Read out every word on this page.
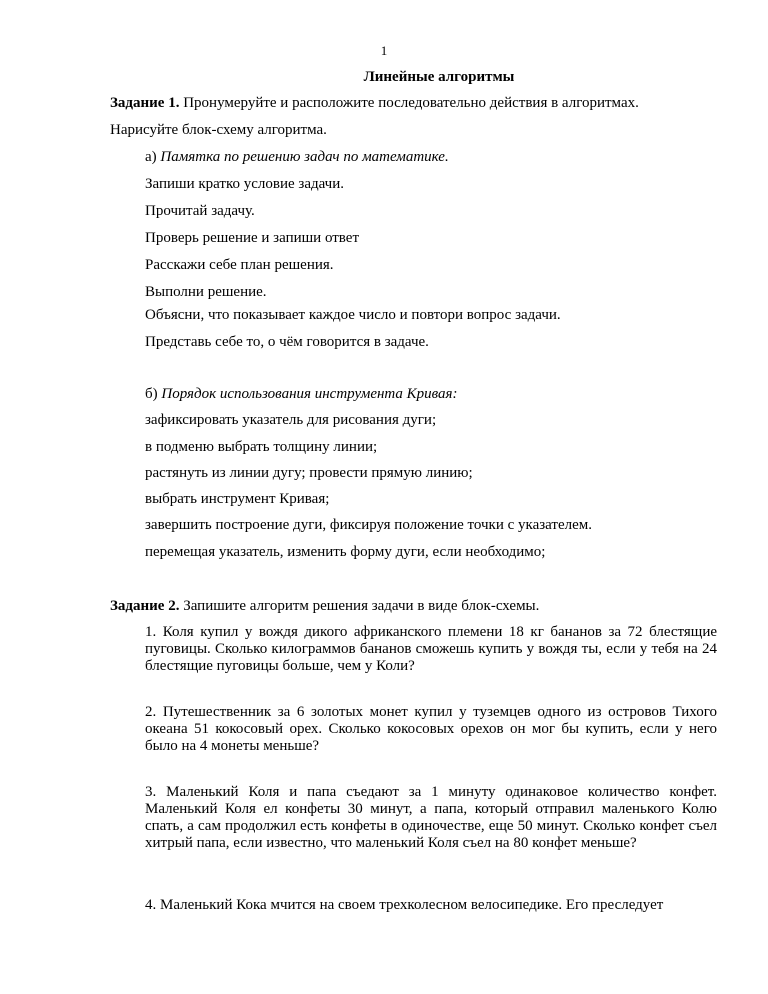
1
Линейные алгоритмы
Задание 1. Пронумеруйте и расположите последовательно действия в алгоритмах.
Нарисуйте блок-схему алгоритма.
а) Памятка по решению задач по математике.
Запиши кратко условие задачи.
Прочитай задачу.
Проверь решение и запиши ответ
Расскажи себе план решения.
Выполни решение.
Объясни, что показывает каждое число и повтори вопрос задачи.
Представь себе то, о чём говорится в задаче.
б) Порядок использования инструмента Кривая:
зафиксировать указатель для рисования дуги;
в подменю выбрать толщину линии;
растянуть из линии дугу; провести прямую линию;
выбрать инструмент Кривая;
завершить построение дуги, фиксируя положение точки с указателем.
перемещая указатель, изменить форму дуги, если необходимо;
Задание 2. Запишите алгоритм решения задачи в виде блок-схемы.
1. Коля купил у вождя дикого африканского племени 18 кг бананов за 72 блестящие пуговицы. Сколько килограммов бананов сможешь купить у вождя ты, если у тебя на 24 блестящие пуговицы больше, чем у Коли?
2. Путешественник за 6 золотых монет купил у туземцев одного из островов Тихого океана 51 кокосовый орех. Сколько кокосовых орехов он мог бы купить, если у него было на 4 монеты меньше?
3. Маленький Коля и папа съедают за 1 минуту одинаковое количество конфет. Маленький Коля ел конфеты 30 минут, а папа, который отправил маленького Колю спать, а сам продолжил есть конфеты в одиночестве, еще 50 минут. Сколько конфет съел хитрый папа, если известно, что маленький Коля съел на 80 конфет меньше?
4. Маленький Кока мчится на своем трехколесном велосипедике. Его преследует
